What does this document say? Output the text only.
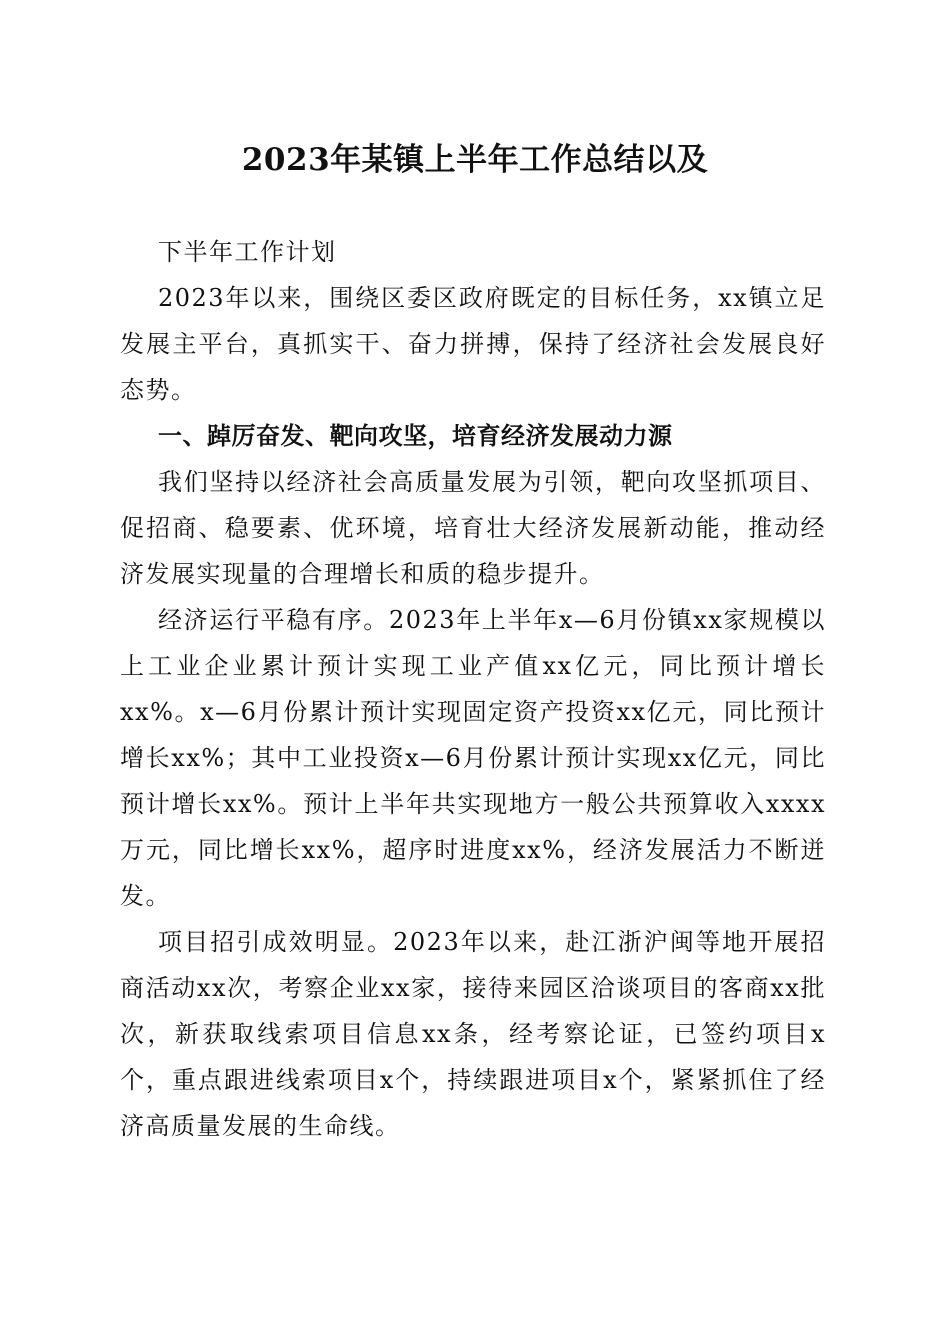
2023年某镇上半年工作总结以及

下半年工作计划

2023年以来，围绕区委区政府既定的目标任务，xx镇立足发展主平台，真抓实干、奋力拼搏，保持了经济社会发展良好态势。

一、踔厉奋发、靶向攻坚，培育经济发展动力源

我们坚持以经济社会高质量发展为引领，靶向攻坚抓项目、促招商、稳要素、优环境，培育壮大经济发展新动能，推动经济发展实现量的合理增长和质的稳步提升。

经济运行平稳有序。2023年上半年x—6月份镇xx家规模以上工业企业累计预计实现工业产值xx亿元，同比预计增长xx%。x—6月份累计预计实现固定资产投资xx亿元，同比预计增长xx%；其中工业投资x—6月份累计预计实现xx亿元，同比预计增长xx%。预计上半年共实现地方一般公共预算收入xxxx万元，同比增长xx%，超序时进度xx%，经济发展活力不断迸发。

项目招引成效明显。2023年以来，赴江浙沪闽等地开展招商活动xx次，考察企业xx家，接待来园区洽谈项目的客商xx批次，新获取线索项目信息xx条，经考察论证，已签约项目x个，重点跟进线索项目x个，持续跟进项目x个，紧紧抓住了经济高质量发展的生命线。
